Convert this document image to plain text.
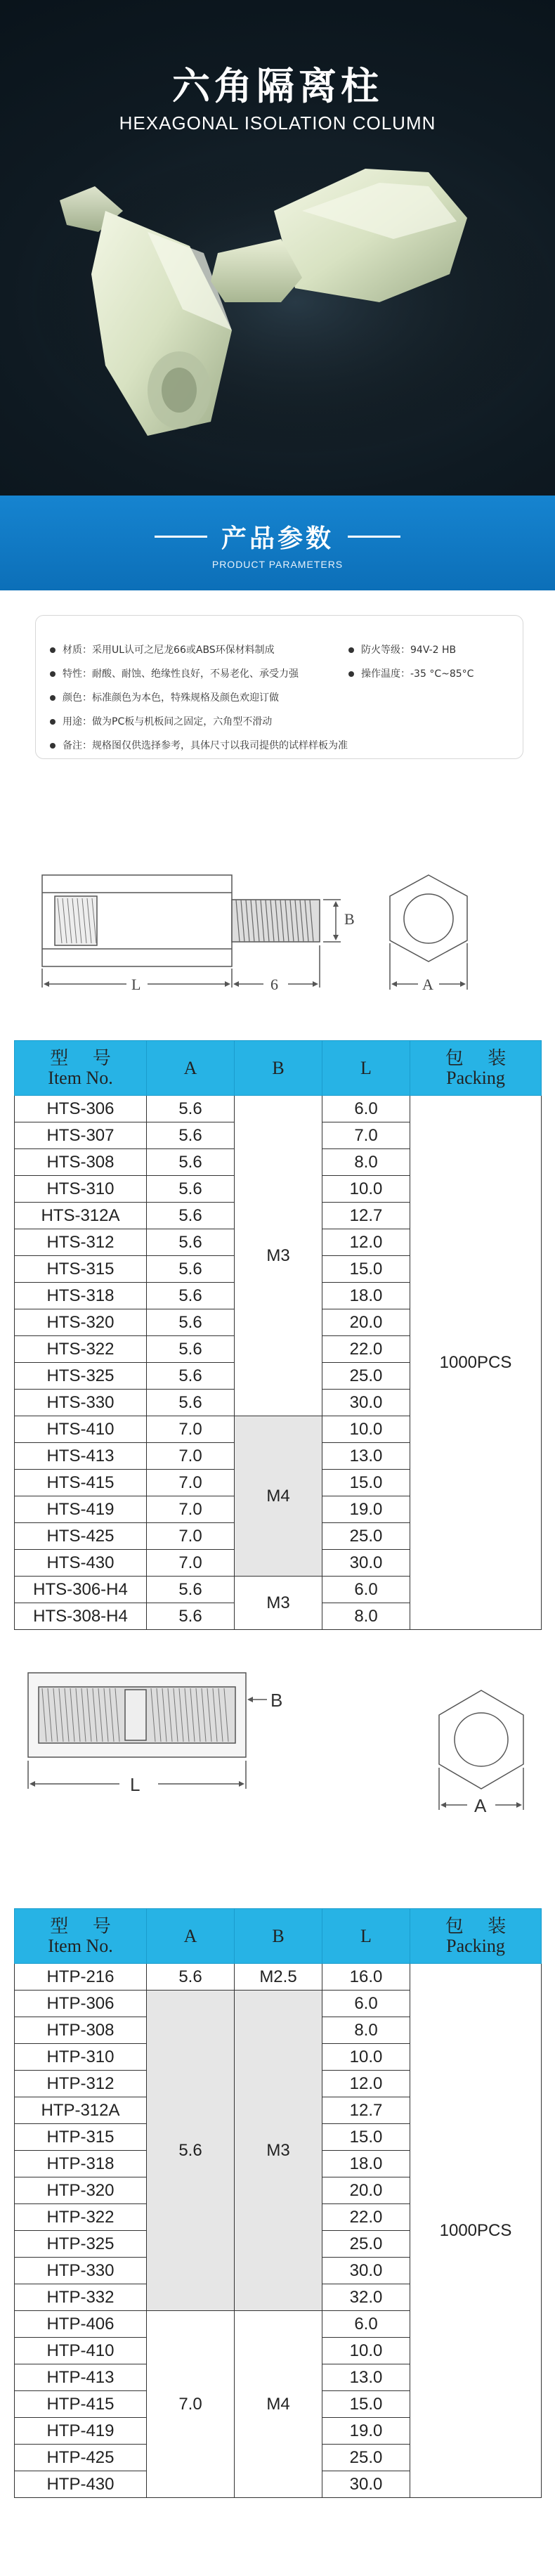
六角隔离柱
HEXAGONAL ISOLATION COLUMN
产品参数
PRODUCT PARAMETERS
材质：采用UL认可之尼龙66或ABS环保材料制成	防火等级：94V-2 HB
特性：耐酸、耐蚀、绝缘性良好，不易老化、承受力强	操作温度：-35 °C~85°C
颜色：标准颜色为本色，特殊规格及颜色欢迎订做
用途：做为PC板与机板间之固定，六角型不滑动
备注：规格图仅供选择参考，具体尺寸以我司提供的试样样板为准
B
L	6	A
型 号
Item No.	A	B	L	包 装
Packing

HTS-306	5.6	M3	6.0	1000PCS
HTS-307	5.6		7.0	
HTS-308	5.6		8.0	
HTS-310	5.6		10.0	
HTS-312A	5.6		12.7	
HTS-312	5.6		12.0	
HTS-315	5.6		15.0	
HTS-318	5.6		18.0	
HTS-320	5.6		20.0	
HTS-322	5.6		22.0	
HTS-325	5.6		25.0	
HTS-330	5.6		30.0	
HTS-410	7.0	M4	10.0	
HTS-413	7.0		13.0	
HTS-415	7.0		15.0	
HTS-419	7.0		19.0	
HTS-425	7.0		25.0	
HTS-430	7.0		30.0	
HTS-306-H4	5.6	M3	6.0	
HTS-308-H4	5.6		8.0	
B
L
A
型 号
Item No.	A	B	L	包 装
Packing

HTP-216	5.6	M2.5	16.0	1000PCS
HTP-306	5.6	M3	6.0	
HTP-308			8.0	
HTP-310			10.0	
HTP-312			12.0	
HTP-312A			12.7	
HTP-315			15.0	
HTP-318			18.0	
HTP-320			20.0	
HTP-322			22.0	
HTP-325			25.0	
HTP-330			30.0	
HTP-332			32.0	
HTP-406	7.0	M4	6.0	
HTP-410			10.0	
HTP-413			13.0	
HTP-415			15.0	
HTP-419			19.0	
HTP-425			25.0	
HTP-430			30.0	
